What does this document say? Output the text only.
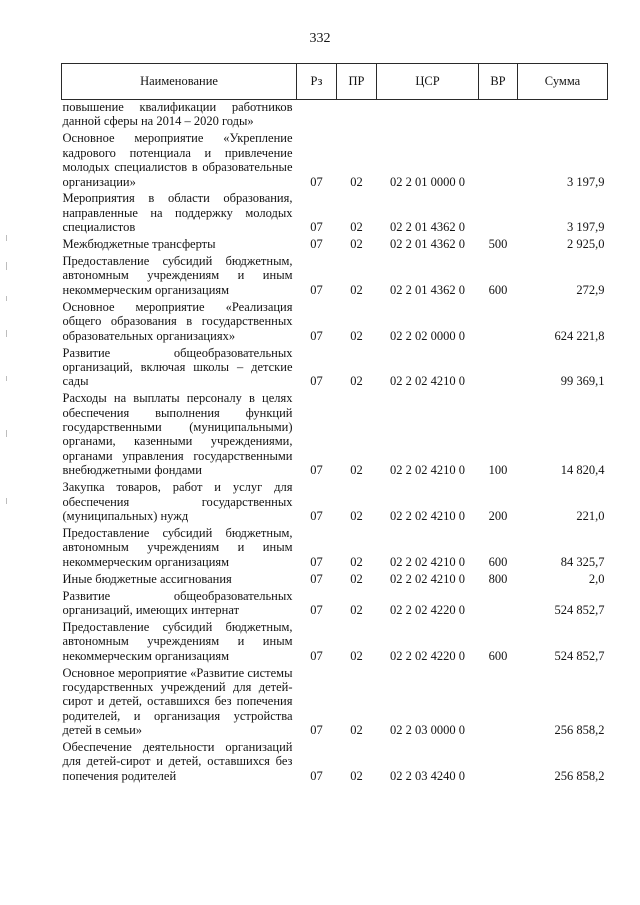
332
Наименование	Рз	ПР	ЦСР	ВР	Сумма
повышение квалификации работников данной сферы на 2014 – 2020 годы»					
Основное мероприятие «Укрепление кадрового потенциала и привлечение молодых специалистов в образовательные организации»	07	02	02 2 01 0000 0		3 197,9
Мероприятия в области образования, направленные на поддержку молодых специалистов	07	02	02 2 01 4362 0		3 197,9
Межбюджетные трансферты	07	02	02 2 01 4362 0	500	2 925,0
Предоставление субсидий бюджетным, автономным учреждениям и иным некоммерческим организациям	07	02	02 2 01 4362 0	600	272,9
Основное мероприятие «Реализация общего образования в государственных образовательных организациях»	07	02	02 2 02 0000 0		624 221,8
Развитие общеобразовательных организаций, включая школы – детские сады	07	02	02 2 02 4210 0		99 369,1
Расходы на выплаты персоналу в целях обеспечения выполнения функций государственными (муниципальными) органами, казенными учреждениями, органами управления государственными внебюджетными фондами	07	02	02 2 02 4210 0	100	14 820,4
Закупка товаров, работ и услуг для обеспечения государственных (муниципальных) нужд	07	02	02 2 02 4210 0	200	221,0
Предоставление субсидий бюджетным, автономным учреждениям и иным некоммерческим организациям	07	02	02 2 02 4210 0	600	84 325,7
Иные бюджетные ассигнования	07	02	02 2 02 4210 0	800	2,0
Развитие общеобразовательных организаций, имеющих интернат	07	02	02 2 02 4220 0		524 852,7
Предоставление субсидий бюджетным, автономным учреждениям и иным некоммерческим организациям	07	02	02 2 02 4220 0	600	524 852,7
Основное мероприятие «Развитие системы государственных учреждений для детей-сирот и детей, оставшихся без попечения родителей, и организация устройства детей в семьи»	07	02	02 2 03 0000 0		256 858,2
Обеспечение деятельности организаций для детей-сирот и детей, оставшихся без попечения родителей	07	02	02 2 03 4240 0		256 858,2
